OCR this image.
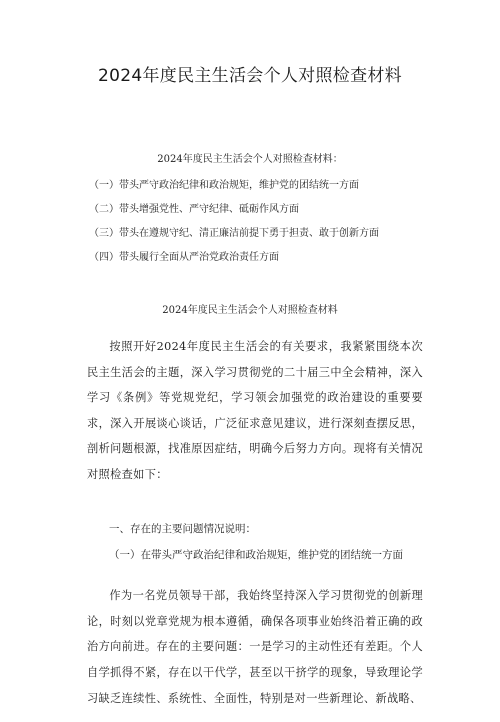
2024年度民主生活会个人对照检查材料
2024年度民主生活会个人对照检查材料：
（一）带头严守政治纪律和政治规矩，维护党的团结统一方面
（二）带头增强党性、严守纪律、砥砺作风方面
（三）带头在遵规守纪、清正廉洁前提下勇于担责、敢于创新方面
（四）带头履行全面从严治党政治责任方面
2024年度民主生活会个人对照检查材料

按照开好2024年度民主生活会的有关要求，我紧紧围绕本次民主生活会的主题，深入学习贯彻党的二十届三中全会精神，深入学习《条例》等党规党纪，学习领会加强党的政治建设的重要要求，深入开展谈心谈话，广泛征求意见建议，进行深刻查摆反思，剖析问题根源，找准原因症结，明确今后努力方向。现将有关情况对照检查如下：

一、存在的主要问题情况说明：
（一）在带头严守政治纪律和政治规矩，维护党的团结统一方面

作为一名党员领导干部，我始终坚持深入学习贯彻党的创新理论，时刻以党章党规为根本遵循，确保各项事业始终沿着正确的政治方向前进。存在的主要问题：一是学习的主动性还有差距。个人自学抓得不紧，存在以干代学，甚至以干挤学的现象，导致理论学习缺乏连续性、系统性、全面性，特别是对一些新理论、新战略、
